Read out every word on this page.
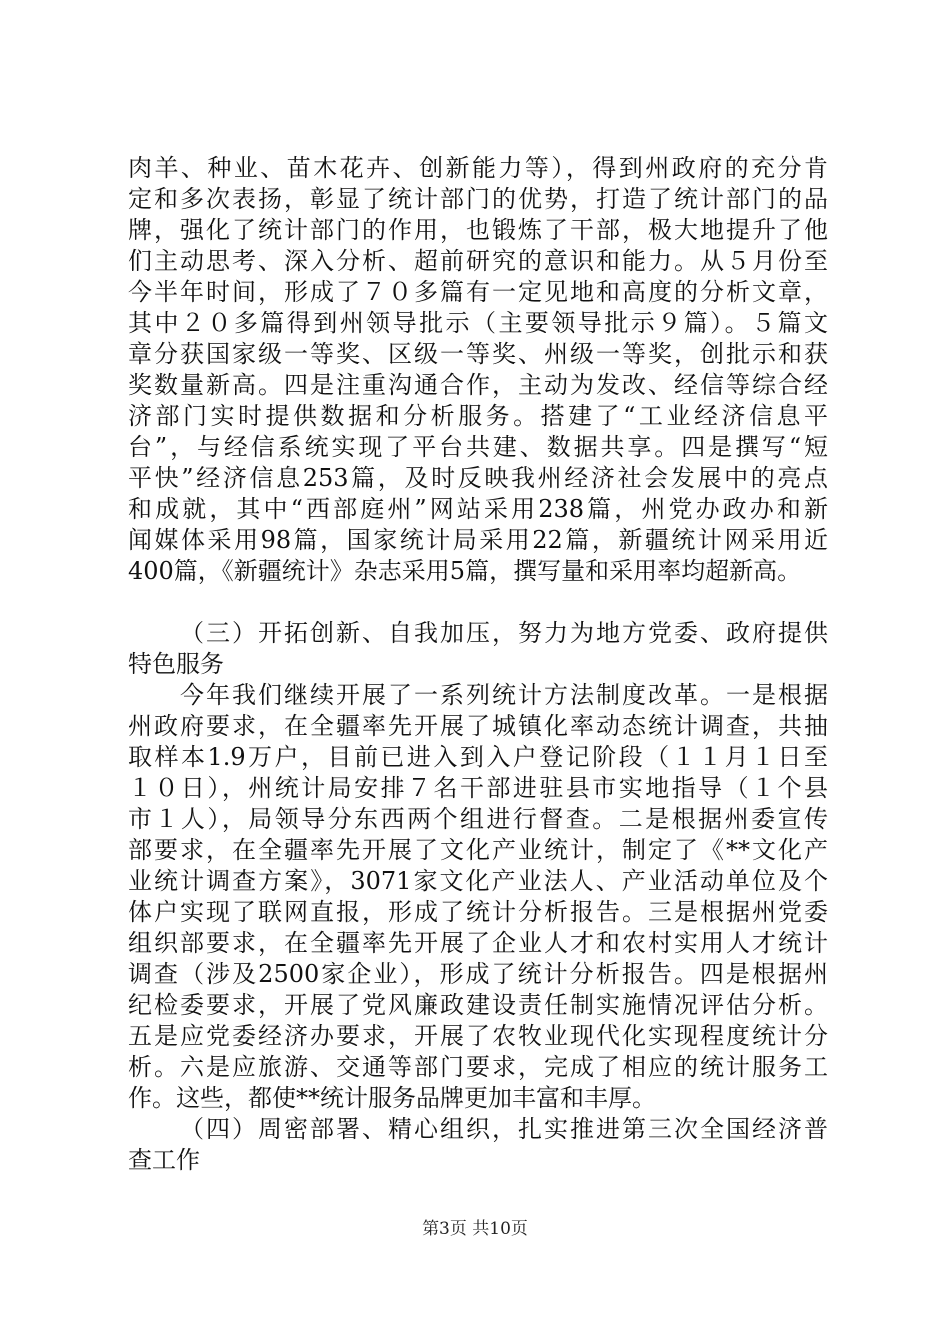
肉羊、种业、苗木花卉、创新能力等），得到州政府的充分肯
定和多次表扬，彰显了统计部门的优势，打造了统计部门的品
牌，强化了统计部门的作用，也锻炼了干部，极大地提升了他
们主动思考、深入分析、超前研究的意识和能力。从５月份至
今半年时间，形成了７０多篇有一定见地和高度的分析文章，
其中２０多篇得到州领导批示（主要领导批示９篇）。５篇文
章分获国家级一等奖、区级一等奖、州级一等奖，创批示和获
奖数量新高。四是注重沟通合作，主动为发改、经信等综合经
济部门实时提供数据和分析服务。搭建了“工业经济信息平
台”，与经信系统实现了平台共建、数据共享。四是撰写“短
平快”经济信息253篇，及时反映我州经济社会发展中的亮点
和成就，其中“西部庭州”网站采用238篇，州党办政办和新
闻媒体采用98篇，国家统计局采用22篇，新疆统计网采用近
400篇，《新疆统计》杂志采用5篇，撰写量和采用率均超新高。
（三）开拓创新、自我加压，努力为地方党委、政府提供
特色服务
今年我们继续开展了一系列统计方法制度改革。一是根据
州政府要求，在全疆率先开展了城镇化率动态统计调查，共抽
取样本1.9万户，目前已进入到入户登记阶段（１１月１日至
１０日），州统计局安排７名干部进驻县市实地指导（１个县
市１人），局领导分东西两个组进行督查。二是根据州委宣传
部要求，在全疆率先开展了文化产业统计，制定了《**文化产
业统计调查方案》，3071家文化产业法人、产业活动单位及个
体户实现了联网直报，形成了统计分析报告。三是根据州党委
组织部要求，在全疆率先开展了企业人才和农村实用人才统计
调查（涉及2500家企业），形成了统计分析报告。四是根据州
纪检委要求，开展了党风廉政建设责任制实施情况评估分析。
五是应党委经济办要求，开展了农牧业现代化实现程度统计分
析。六是应旅游、交通等部门要求，完成了相应的统计服务工
作。这些，都使**统计服务品牌更加丰富和丰厚。
（四）周密部署、精心组织，扎实推进第三次全国经济普
查工作
第3页 共10页
